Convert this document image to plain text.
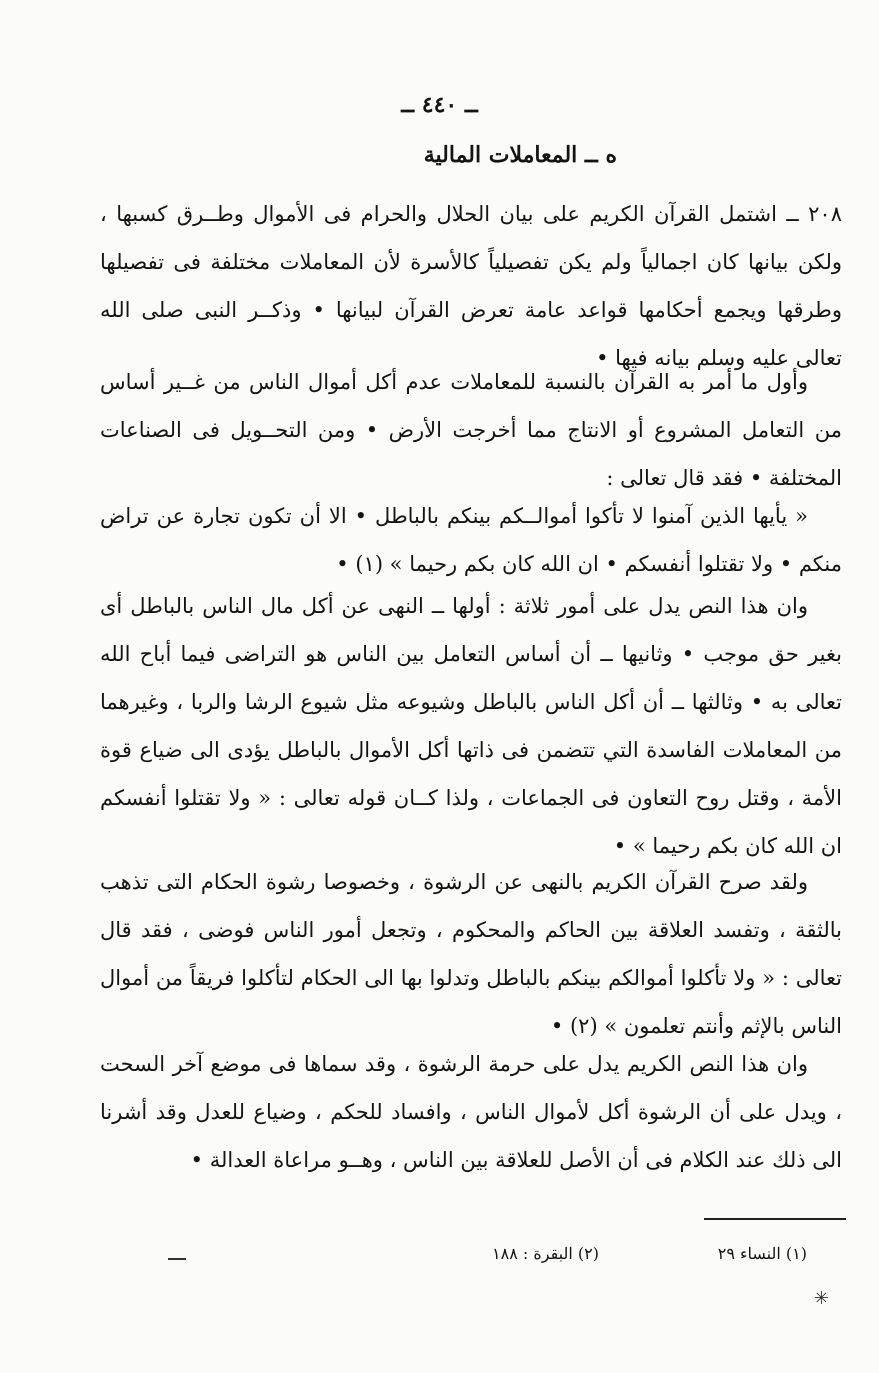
ــ ٤٤٠ ــ
ه ــ المعاملات المالية

٢٠٨ ــ اشتمل القرآن الكريم على بيان الحلال والحرام فى الأموال وطــرق كسبها ، ولكن بيانها كان اجمالياً ولم يكن تفصيلياً كالأسرة لأن المعاملات مختلفة فى تفصيلها وطرقها ويجمع أحكامها قواعد عامة تعرض القرآن لبيانها • وذكــر النبى صلى الله تعالى عليه وسلم بيانه فيها •

وأول ما أمر به القرآن بالنسبة للمعاملات عدم أكل أموال الناس من غــير أساس من التعامل المشروع أو الانتاج مما أخرجت الأرض • ومن التحــويل فى الصناعات المختلفة • فقد قال تعالى :

« يأيها الذين آمنوا لا تأكوا أموالــكم بينكم بالباطل • الا أن تكون تجارة عن تراض منكم • ولا تقتلوا أنفسكم • ان الله كان بكم رحيما » (١) •

وان هذا النص يدل على أمور ثلاثة : أولها ــ النهى عن أكل مال الناس بالباطل أى بغير حق موجب • وثانيها ــ أن أساس التعامل بين الناس هو التراضى فيما أباح الله تعالى به • وثالثها ــ أن أكل الناس بالباطل وشيوعه مثل شيوع الرشا والربا ، وغيرهما من المعاملات الفاسدة التي تتضمن فى ذاتها أكل الأموال بالباطل يؤدى الى ضياع قوة الأمة ، وقتل روح التعاون فى الجماعات ، ولذا كــان قوله تعالى : « ولا تقتلوا أنفسكم ان الله كان بكم رحيما » •

ولقد صرح القرآن الكريم بالنهى عن الرشوة ، وخصوصا رشوة الحكام التى تذهب بالثقة ، وتفسد العلاقة بين الحاكم والمحكوم ، وتجعل أمور الناس فوضى ، فقد قال تعالى : « ولا تأكلوا أموالكم بينكم بالباطل وتدلوا بها الى الحكام لتأكلوا فريقاً من أموال الناس بالإثم وأنتم تعلمون » (٢) •

وان هذا النص الكريم يدل على حرمة الرشوة ، وقد سماها فى موضع آخر السحت ، ويدل على أن الرشوة أكل لأموال الناس ، وافساد للحكم ، وضياع للعدل وقد أشرنا الى ذلك عند الكلام فى أن الأصل للعلاقة بين الناس ، وهــو مراعاة العدالة •

(١) النساء ٢٩
(٢) البقرة : ١٨٨
✳
